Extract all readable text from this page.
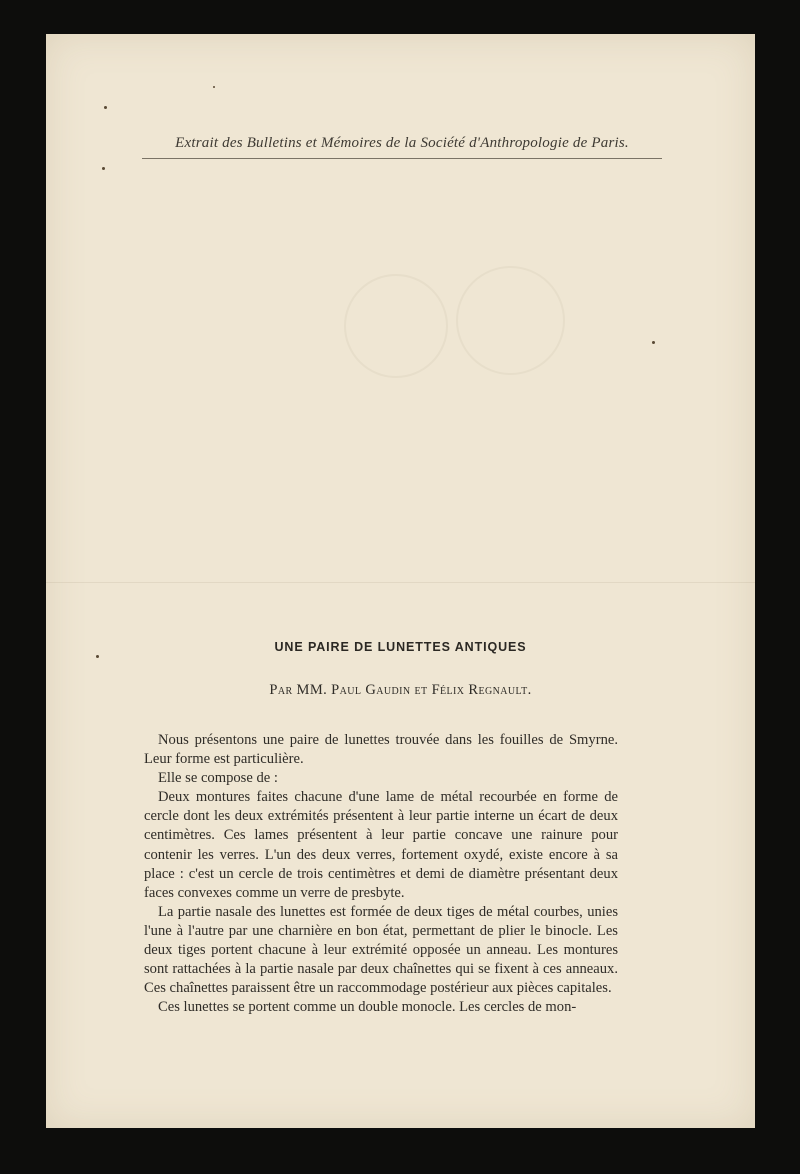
Extrait des Bulletins et Mémoires de la Société d'Anthropologie de Paris.
UNE PAIRE DE LUNETTES ANTIQUES
Par MM. Paul Gaudin et Félix Regnault.

Nous présentons une paire de lunettes trouvée dans les fouilles de Smyrne. Leur forme est particulière.

Elle se compose de :

Deux montures faites chacune d'une lame de métal recourbée en forme de cercle dont les deux extrémités présentent à leur partie interne un écart de deux centimètres. Ces lames présentent à leur partie concave une rainure pour contenir les verres. L'un des deux verres, fortement oxydé, existe encore à sa place : c'est un cercle de trois centimètres et demi de diamètre présentant deux faces convexes comme un verre de presbyte.

La partie nasale des lunettes est formée de deux tiges de métal courbes, unies l'une à l'autre par une charnière en bon état, permettant de plier le binocle. Les deux tiges portent chacune à leur extrémité opposée un anneau. Les montures sont rattachées à la partie nasale par deux chaînettes qui se fixent à ces anneaux. Ces chaînettes paraissent être un raccommodage postérieur aux pièces capitales.

Ces lunettes se portent comme un double monocle. Les cercles de mon-
